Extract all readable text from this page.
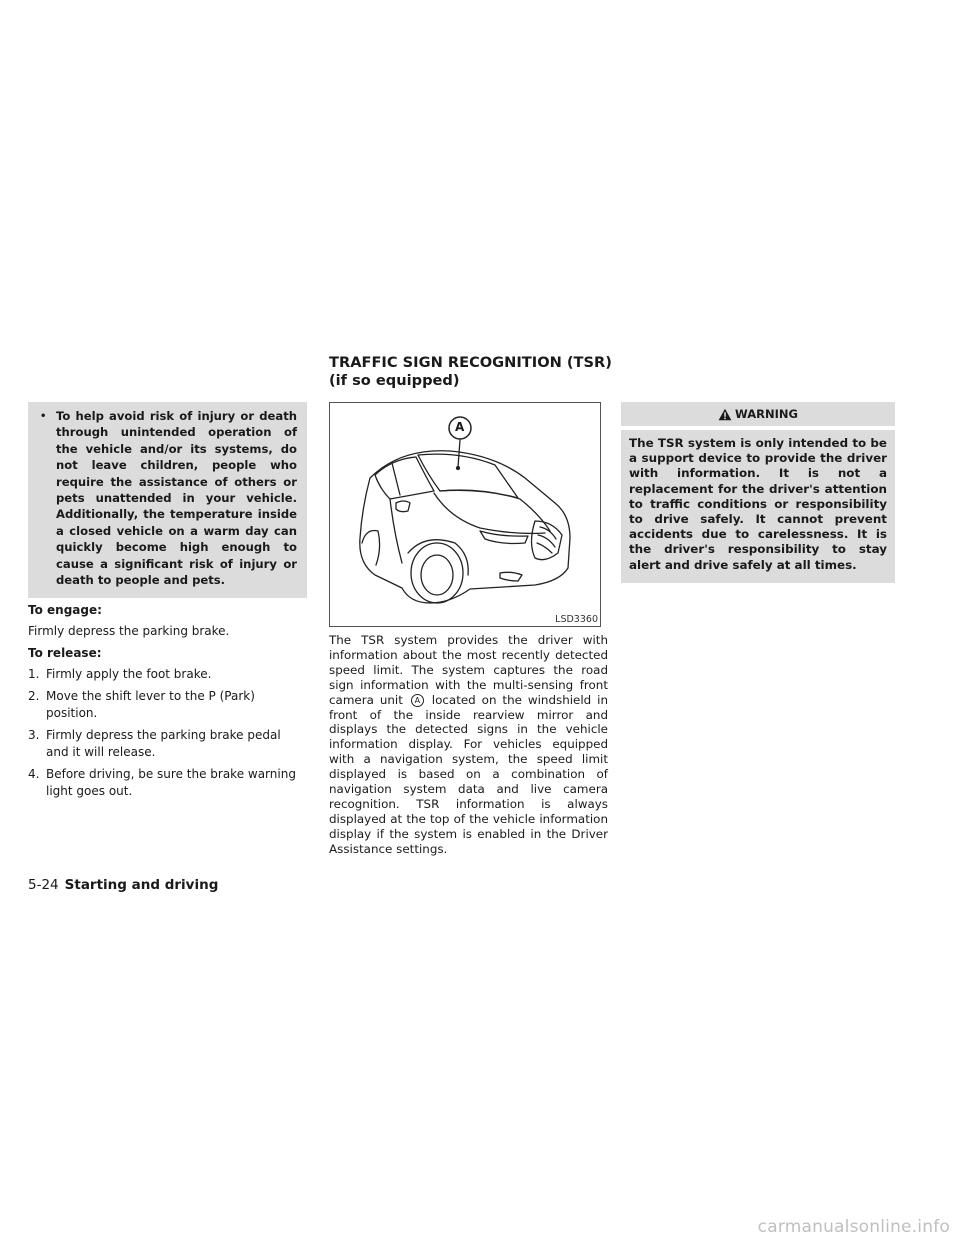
TRAFFIC SIGN RECOGNITION (TSR) (if so equipped)
• To help avoid risk of injury or death through unintended operation of the vehicle and/or its systems, do not leave children, people who require the assistance of others or pets unattended in your vehicle. Additionally, the temperature inside a closed vehicle on a warm day can quickly become high enough to cause a significant risk of injury or death to people and pets.
To engage:
Firmly depress the parking brake.
To release:
1. Firmly apply the foot brake.
2. Move the shift lever to the P (Park) position.
3. Firmly depress the parking brake pedal and it will release.
4. Before driving, be sure the brake warning light goes out.
A
LSD3360
The TSR system provides the driver with information about the most recently detected speed limit. The system captures the road sign information with the multi-sensing front camera unit A located on the windshield in front of the inside rearview mirror and displays the detected signs in the vehicle information display. For vehicles equipped with a navigation system, the speed limit displayed is based on a combination of navigation system data and live camera recognition. TSR information is always displayed at the top of the vehicle information display if the system is enabled in the Driver Assistance settings.
WARNING
The TSR system is only intended to be a support device to provide the driver with information. It is not a replacement for the driver's attention to traffic conditions or responsibility to drive safely. It cannot prevent accidents due to carelessness. It is the driver's responsibility to stay alert and drive safely at all times.
5-24 Starting and driving
carmanualsonline.info
